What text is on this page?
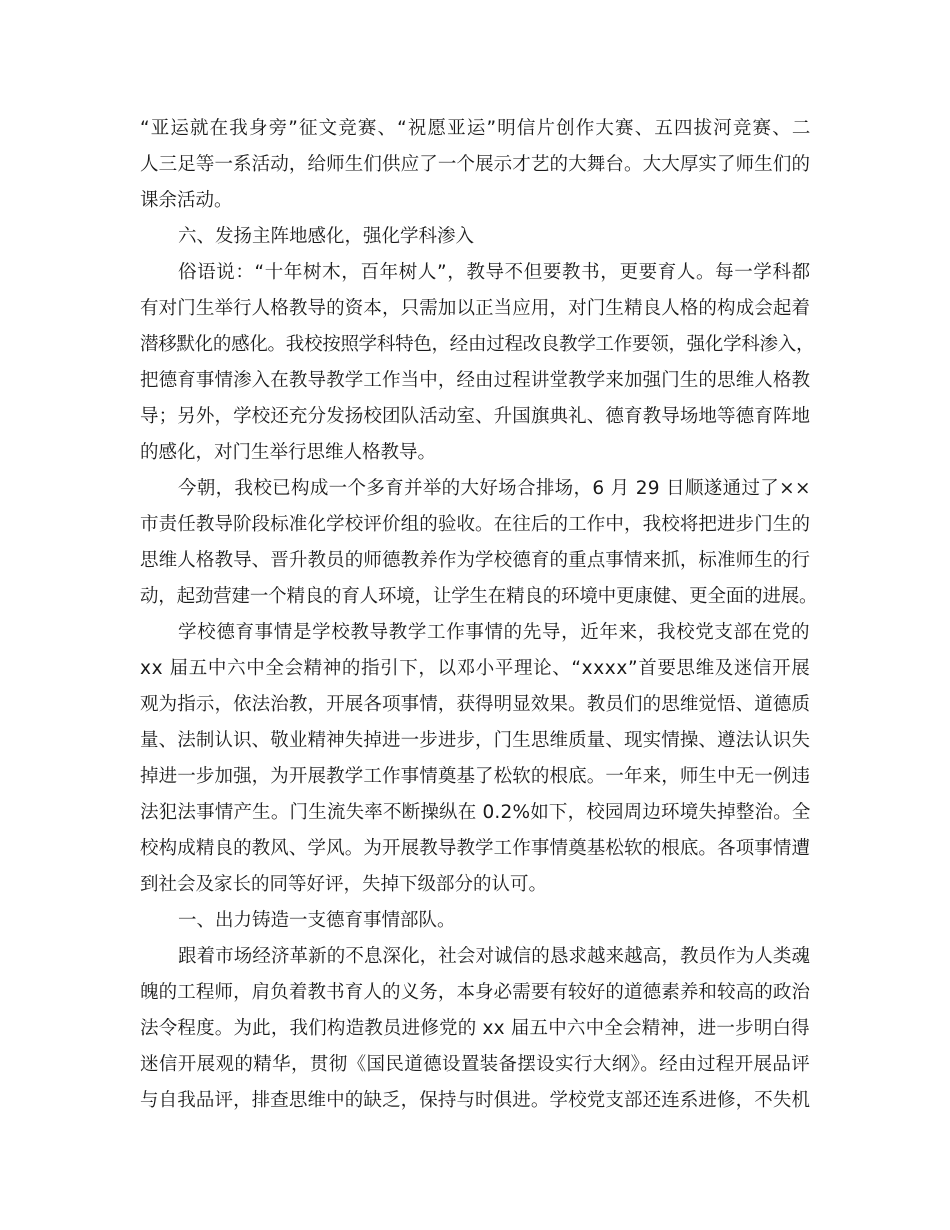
“亚运就在我身旁”征文竞赛、“祝愿亚运”明信片创作大赛、五四拔河竞赛、二
人三足等一系活动，给师生们供应了一个展示才艺的大舞台。大大厚实了师生们的
课余活动。
六、发扬主阵地感化，强化学科渗入
俗语说：“十年树木，百年树人”，教导不但要教书，更要育人。每一学科都
有对门生举行人格教导的资本，只需加以正当应用，对门生精良人格的构成会起着
潜移默化的感化。我校按照学科特色，经由过程改良教学工作要领，强化学科渗入，
把德育事情渗入在教导教学工作当中，经由过程讲堂教学来加强门生的思维人格教
导；另外，学校还充分发扬校团队活动室、升国旗典礼、德育教导场地等德育阵地
的感化，对门生举行思维人格教导。
今朝，我校已构成一个多育并举的大好场合排场，6 月 29 日顺遂通过了××
市责任教导阶段标准化学校评价组的验收。在往后的工作中，我校将把进步门生的
思维人格教导、晋升教员的师德教养作为学校德育的重点事情来抓，标准师生的行
动，起劲营建一个精良的育人环境，让学生在精良的环境中更康健、更全面的进展。
学校德育事情是学校教导教学工作事情的先导，近年来，我校党支部在党的
xx 届五中六中全会精神的指引下，以邓小平理论、“xxxx”首要思维及迷信开展
观为指示，依法治教，开展各项事情，获得明显效果。教员们的思维觉悟、道德质
量、法制认识、敬业精神失掉进一步进步，门生思维质量、现实情操、遵法认识失
掉进一步加强，为开展教学工作事情奠基了松软的根底。一年来，师生中无一例违
法犯法事情产生。门生流失率不断操纵在 0.2%如下，校园周边环境失掉整治。全
校构成精良的教风、学风。为开展教导教学工作事情奠基松软的根底。各项事情遭
到社会及家长的同等好评，失掉下级部分的认可。
一、出力铸造一支德育事情部队。
跟着市场经济革新的不息深化，社会对诚信的恳求越来越高，教员作为人类魂
魄的工程师，肩负着教书育人的义务，本身必需要有较好的道德素养和较高的政治
法令程度。为此，我们构造教员进修党的 xx 届五中六中全会精神，进一步明白得
迷信开展观的精华，贯彻《国民道德设置装备摆设实行大纲》。经由过程开展品评
与自我品评，排查思维中的缺乏，保持与时俱进。学校党支部还连系进修，不失机
